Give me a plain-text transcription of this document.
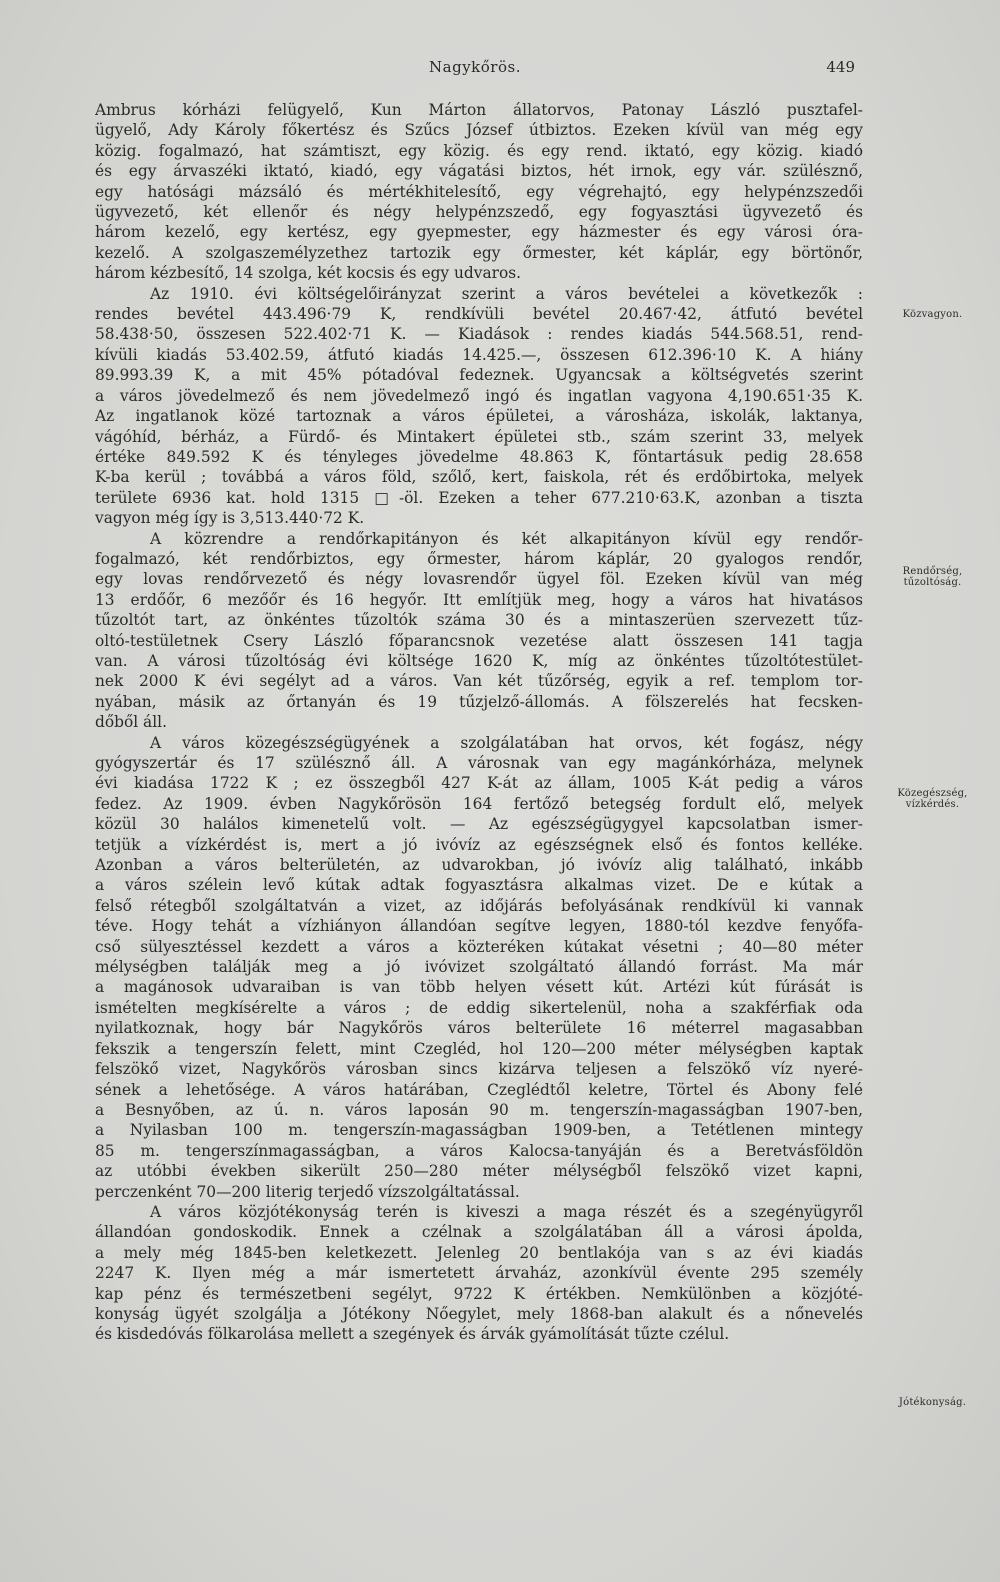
Nagykőrös.	449
Ambrus kórházi felügyelő, Kun Márton állatorvos, Patonay László pusztafel-
ügyelő, Ady Károly főkertész és Szűcs József útbiztos. Ezeken kívül van még egy
közig. fogalmazó, hat számtiszt, egy közig. és egy rend. iktató, egy közig. kiadó
és egy árvaszéki iktató, kiadó, egy vágatási biztos, hét irnok, egy vár. szülésznő,
egy hatósági mázsáló és mértékhitelesítő, egy végrehajtó, egy helypénzszedői
ügyvezető, két ellenőr és négy helypénzszedő, egy fogyasztási ügyvezető és
három kezelő, egy kertész, egy gyepmester, egy házmester és egy városi óra-
kezelő. A szolgaszemélyzethez tartozik egy őrmester, két káplár, egy börtönőr,
három kézbesítő, 14 szolga, két kocsis és egy udvaros.
Az 1910. évi költségelőirányzat szerint a város bevételei a következők :
rendes bevétel 443.496·79 K, rendkívüli bevétel 20.467·42, átfutó bevétel
58.438·50, összesen 522.402·71 K. — Kiadások : rendes kiadás 544.568.51, rend-
kívüli kiadás 53.402.59, átfutó kiadás 14.425.—, összesen 612.396·10 K. A hiány
89.993.39 K, a mit 45% pótadóval fedeznek. Ugyancsak a költségvetés szerint
a város jövedelmező és nem jövedelmező ingó és ingatlan vagyona 4,190.651·35 K.
Az ingatlanok közé tartoznak a város épületei, a városháza, iskolák, laktanya,
vágóhíd, bérház, a Fürdő- és Mintakert épületei stb., szám szerint 33, melyek
értéke 849.592 K és tényleges jövedelme 48.863 K, föntartásuk pedig 28.658
K-ba kerül ; továbbá a város föld, szőlő, kert, faiskola, rét és erdőbirtoka, melyek
területe 6936 kat. hold 1315 □-öl. Ezeken a teher 677.210·63.K, azonban a tiszta
vagyon még így is 3,513.440·72 K.
A közrendre a rendőrkapitányon és két alkapitányon kívül egy rendőr-
fogalmazó, két rendőrbiztos, egy őrmester, három káplár, 20 gyalogos rendőr,
egy lovas rendőrvezető és négy lovasrendőr ügyel föl. Ezeken kívül van még
13 erdőőr, 6 mezőőr és 16 hegyőr. Itt említjük meg, hogy a város hat hivatásos
tűzoltót tart, az önkéntes tűzoltók száma 30 és a mintaszerüen szervezett tűz-
oltó-testületnek Csery László főparancsnok vezetése alatt összesen 141 tagja
van. A városi tűzoltóság évi költsége 1620 K, míg az önkéntes tűzoltótestület-
nek 2000 K évi segélyt ad a város. Van két tűzőrség, egyik a ref. templom tor-
nyában, másik az őrtanyán és 19 tűzjelző-állomás. A fölszerelés hat fecsken-
dőből áll.
A város közegészségügyének a szolgálatában hat orvos, két fogász, négy
gyógyszertár és 17 szülésznő áll. A városnak van egy magánkórháza, melynek
évi kiadása 1722 K ; ez összegből 427 K-át az állam, 1005 K-át pedig a város
fedez. Az 1909. évben Nagykőrösön 164 fertőző betegség fordult elő, melyek
közül 30 halálos kimenetelű volt. — Az egészségügygyel kapcsolatban ismer-
tetjük a vízkérdést is, mert a jó ivóvíz az egészségnek első és fontos kelléke.
Azonban a város belterületén, az udvarokban, jó ivóvíz alig található, inkább
a város szélein levő kútak adtak fogyasztásra alkalmas vizet. De e kútak a
felső rétegből szolgáltatván a vizet, az időjárás befolyásának rendkívül ki vannak
téve. Hogy tehát a vízhiányon állandóan segítve legyen, 1880-tól kezdve fenyőfa-
cső sülyesztéssel kezdett a város a közteréken kútakat vésetni ; 40—80 méter
mélységben találják meg a jó ivóvizet szolgáltató állandó forrást. Ma már
a magánosok udvaraiban is van több helyen vésett kút. Artézi kút fúrását is
ismételten megkísérelte a város ; de eddig sikertelenül, noha a szakférfiak oda
nyilatkoznak, hogy bár Nagykőrös város belterülete 16 méterrel magasabban
fekszik a tengerszín felett, mint Czegléd, hol 120—200 méter mélységben kaptak
felszökő vizet, Nagykőrös városban sincs kizárva teljesen a felszökő víz nyeré-
sének a lehetősége. A város határában, Czeglédtől keletre, Törtel és Abony felé
a Besnyőben, az ú. n. város laposán 90 m. tengerszín-magasságban 1907-ben,
a Nyilasban 100 m. tengerszín-magasságban 1909-ben, a Tetétlenen mintegy
85 m. tengerszínmagasságban, a város Kalocsa-tanyáján és a Beretvásföldön
az utóbbi években sikerült 250—280 méter mélységből felszökő vizet kapni,
perczenként 70—200 literig terjedő vízszolgáltatással.
A város közjótékonyság terén is kiveszi a maga részét és a szegényügyről
állandóan gondoskodik. Ennek a czélnak a szolgálatában áll a városi ápolda,
a mely még 1845-ben keletkezett. Jelenleg 20 bentlakója van s az évi kiadás
2247 K. Ilyen még a már ismertetett árvaház, azonkívül évente 295 személy
kap pénz és természetbeni segélyt, 9722 K értékben. Nemkülönben a közjóté-
konyság ügyét szolgálja a Jótékony Nőegylet, mely 1868-ban alakult és a nőnevelés
és kisdedóvás fölkarolása mellett a szegények és árvák gyámolítását tűzte czélul.
Közvagyon.
Rendőrség,
tűzoltóság.
Közegészség,
vízkérdés.
Jótékonyság.
